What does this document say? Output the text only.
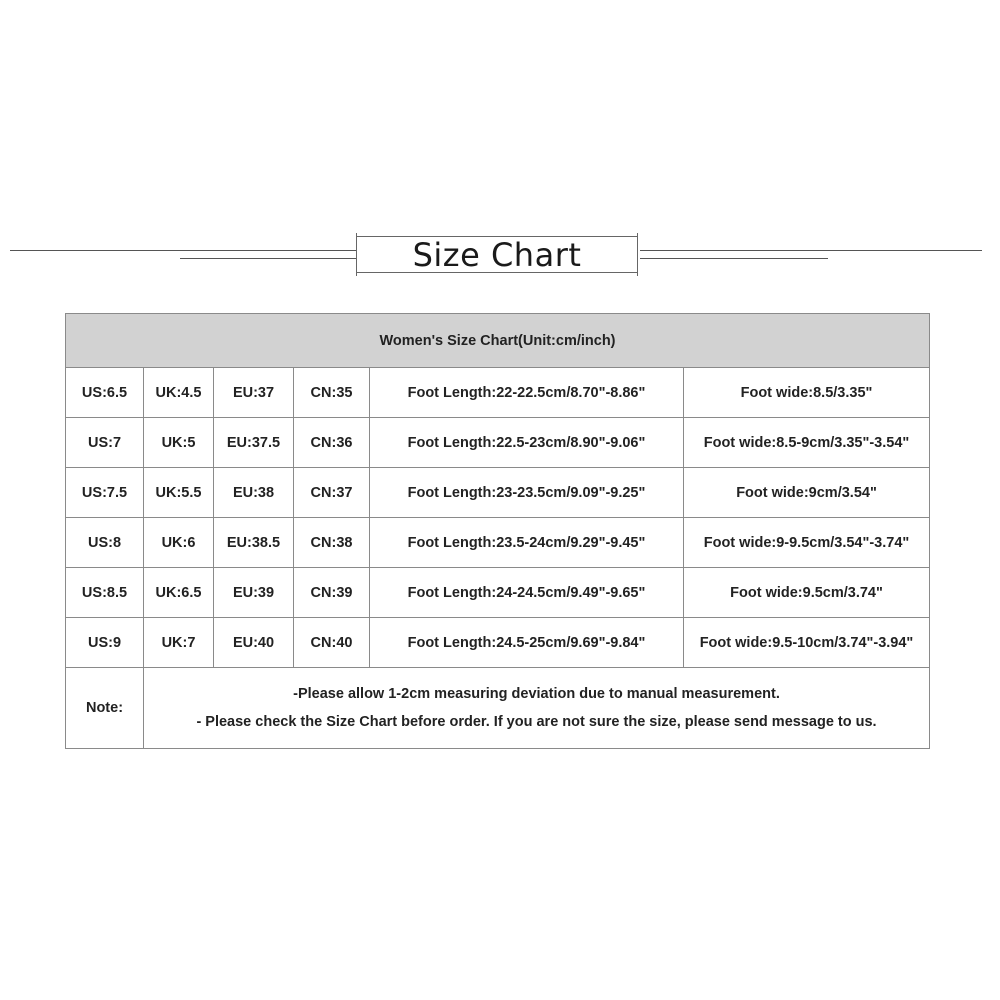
Size Chart
Women's Size Chart(Unit:cm/inch)					
US:6.5	UK:4.5	EU:37	CN:35	Foot Length:22-22.5cm/8.70"-8.86"	Foot wide:8.5/3.35"
US:7	UK:5	EU:37.5	CN:36	Foot Length:22.5-23cm/8.90"-9.06"	Foot wide:8.5-9cm/3.35"-3.54"
US:7.5	UK:5.5	EU:38	CN:37	Foot Length:23-23.5cm/9.09"-9.25"	Foot wide:9cm/3.54"
US:8	UK:6	EU:38.5	CN:38	Foot Length:23.5-24cm/9.29"-9.45"	Foot wide:9-9.5cm/3.54"-3.74"
US:8.5	UK:6.5	EU:39	CN:39	Foot Length:24-24.5cm/9.49"-9.65"	Foot wide:9.5cm/3.74"
US:9	UK:7	EU:40	CN:40	Foot Length:24.5-25cm/9.69"-9.84"	Foot wide:9.5-10cm/3.74"-3.94"
Note:	-Please allow 1-2cm measuring deviation due to manual measurement.
- Please check the Size Chart before order. If you are not sure the size, please send message to us.				
